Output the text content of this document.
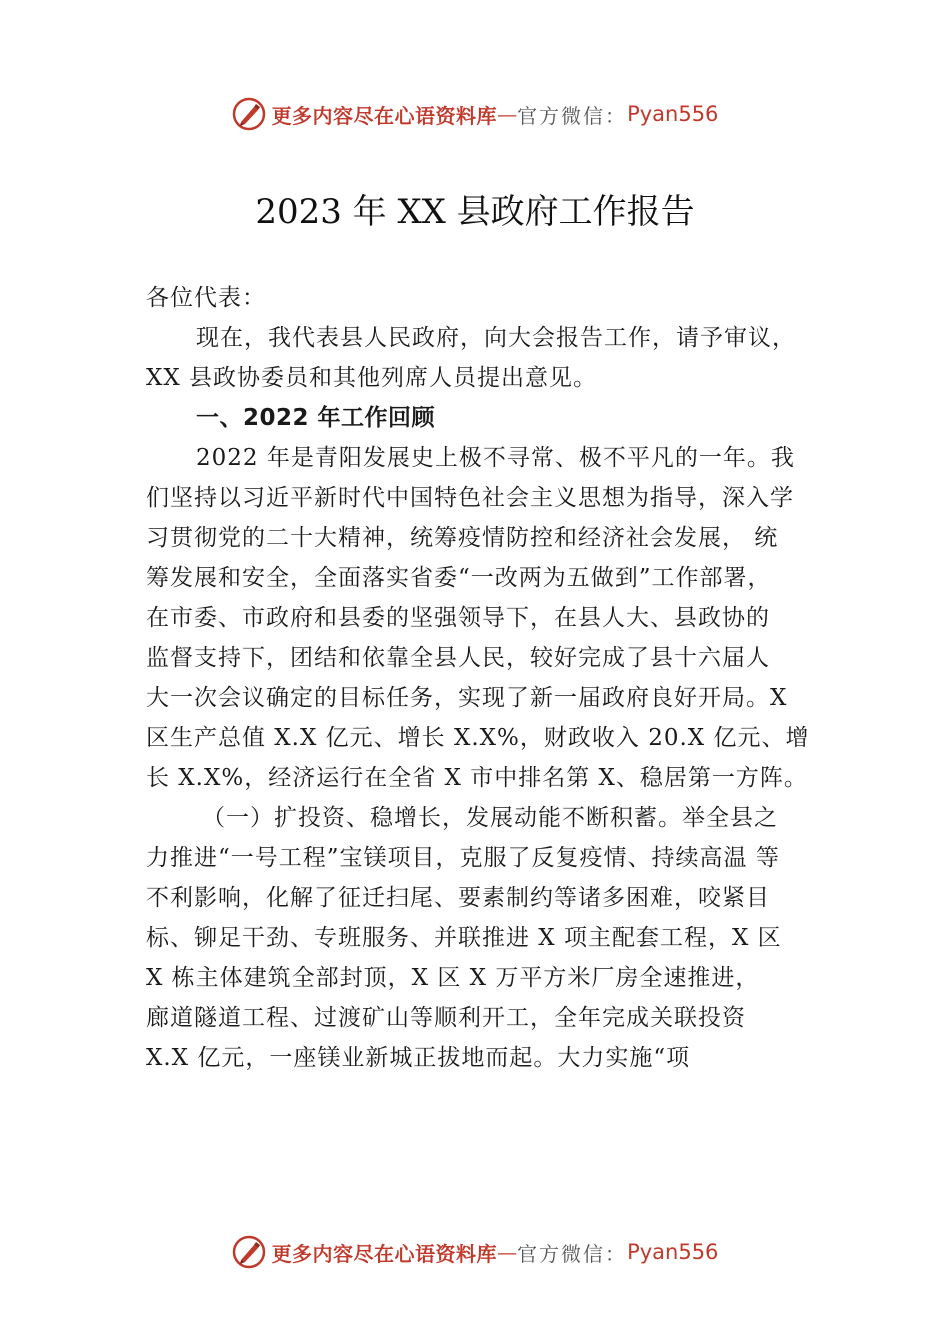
更多内容尽在心语资料库 — 官方微信： Pyan556
2023 年 XX 县政府工作报告
各位代表：
现在，我代表县人民政府，向大会报告工作，请予审议，
XX 县政协委员和其他列席人员提出意见。
一、2022 年工作回顾
2022 年是青阳发展史上极不寻常、极不平凡的一年。我
们坚持以习近平新时代中国特色社会主义思想为指导，深入学
习贯彻党的二十大精神，统筹疫情防控和经济社会发展， 统
筹发展和安全，全面落实省委“一改两为五做到”工作部署，
在市委、市政府和县委的坚强领导下，在县人大、县政协的
监督支持下，团结和依靠全县人民，较好完成了县十六届人
大一次会议确定的目标任务，实现了新一届政府良好开局。X
区生产总值 X.X 亿元、增长 X.X%，财政收入 20.X 亿元、增
长 X.X%，经济运行在全省 X 市中排名第 X、稳居第一方阵。
（一）扩投资、稳增长，发展动能不断积蓄。举全县之
力推进“一号工程”宝镁项目，克服了反复疫情、持续高温 等
不利影响，化解了征迁扫尾、要素制约等诸多困难，咬紧目
标、铆足干劲、专班服务、并联推进 X 项主配套工程，X 区
X 栋主体建筑全部封顶，X 区 X 万平方米厂房全速推进，
廊道隧道工程、过渡矿山等顺利开工，全年完成关联投资
X.X 亿元，一座镁业新城正拔地而起。大力实施“项
更多内容尽在心语资料库 — 官方微信： Pyan556
